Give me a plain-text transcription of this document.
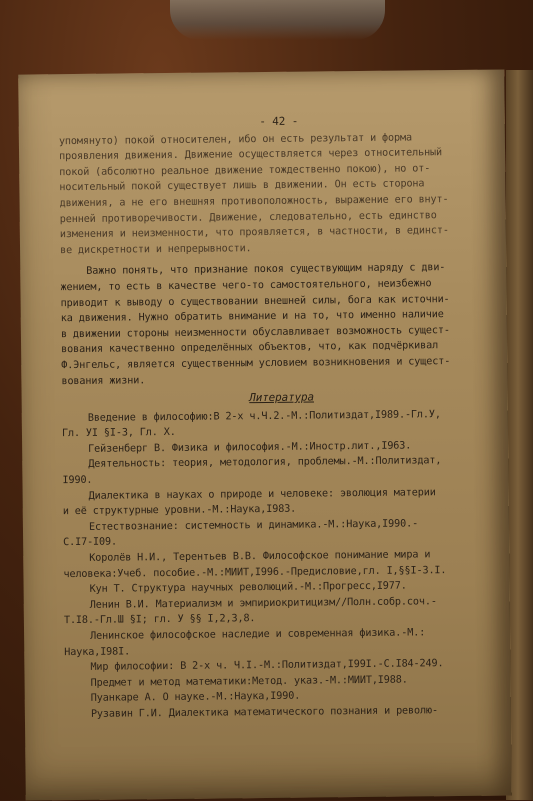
- 42 -
упомянуто) покой относителен, ибо он есть результат и форма
проявления движения. Движение осуществляется через относительный
покой (абсолютно реальное движение тождественно покою), но от-
носительный покой существует лишь в движении. Он есть сторона
движения, а не его внешняя противоположность, выражение его внут-
ренней противоречивости. Движение, следовательно, есть единство
изменения и неизменности, что проявляется, в частности, в единст-
ве дискретности и непрерывности.
Важно понять, что признание покоя существующим наряду с дви-
жением, то есть в качестве чего-то самостоятельного, неизбежно
приводит к выводу о существовании внешней силы, бога как источни-
ка движения. Нужно обратить внимание и на то, что именно наличие
в движении стороны неизменности обуславливает возможность сущест-
вования качественно определённых объектов, что, как подчёркивал
Ф.Энгельс, является существенным условием возникновения и сущест-
вования жизни.
Литература
Введение в философию:В 2-х ч.Ч.2.-М.:Политиздат,I989.-Гл.У,
Гл. УI §I-3, Гл. Х.
Гейзенберг В. Физика и философия.-М.:Иностр.лит.,I963.
Деятельность: теория, методология, проблемы.-М.:Политиздат,
I990.
Диалектика в науках о природе и человеке: эволюция материи
и её структурные уровни.-М.:Наука,I983.
Естествознание: системность и динамика.-М.:Наука,I990.-
С.I7-I09.
Королёв Н.И., Терентьев В.В. Философское понимание мира и
человека:Учеб. пособие.-М.:МИИТ,I996.-Предисловие,гл. I,§§I-3.I.
Кун Т. Структура научных революций.-М.:Прогресс,I977.
Ленин В.И. Материализм и эмпириокритицизм//Полн.собр.соч.-
Т.I8.-Гл.Ш §I; гл. У §§ I,2,3,8.
Ленинское философское наследие и современная физика.-М.:
Наука,I98I.
Мир философии: В 2-х ч. Ч.I.-М.:Политиздат,I99I.-С.I84-249.
Предмет и метод математики:Метод. указ.-М.:МИИТ,I988.
Пуанкаре А. О науке.-М.:Наука,I990.
Рузавин Г.И. Диалектика математического познания и револю-
